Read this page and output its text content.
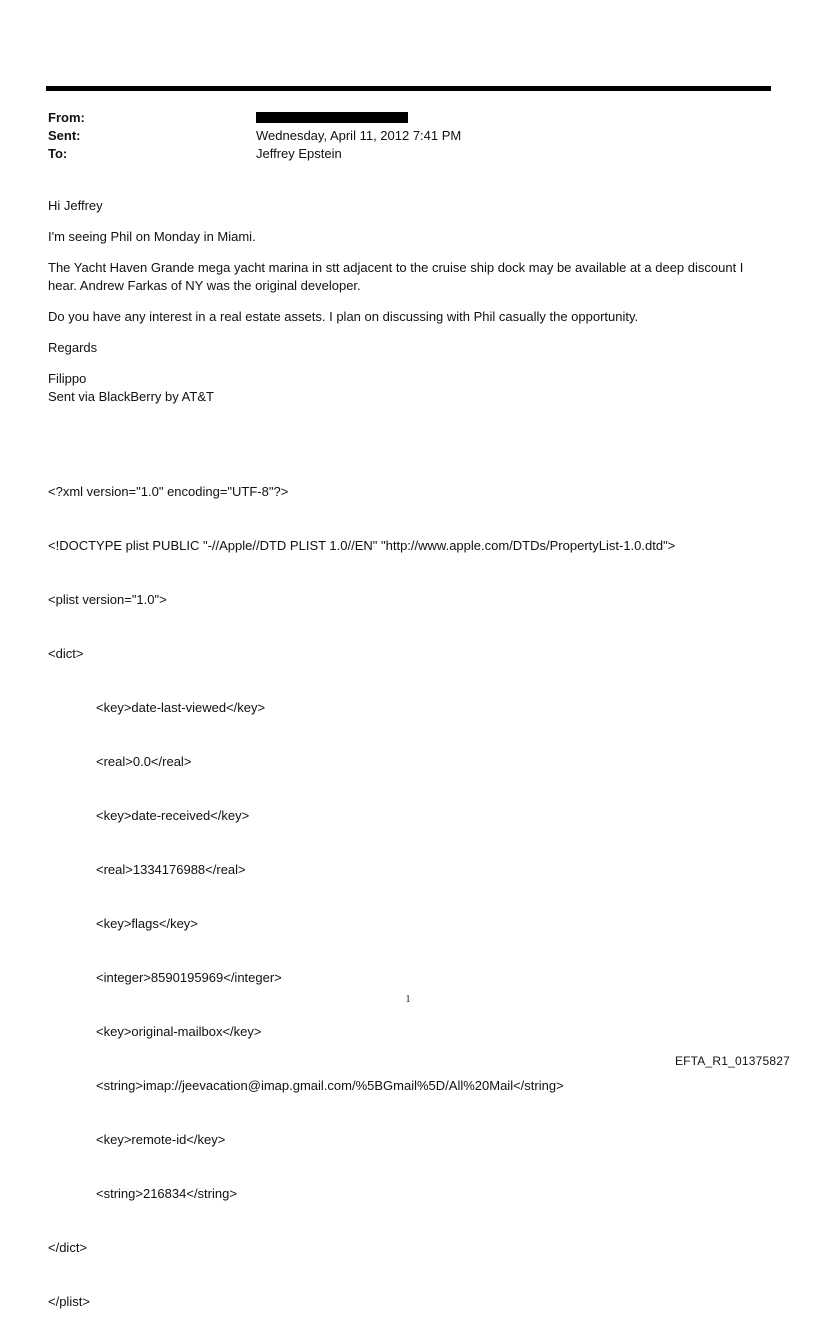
From:
Sent:	Wednesday, April 11, 2012 7:41 PM
To:	Jeffrey Epstein

Hi Jeffrey

I'm seeing Phil on Monday in Miami.

The Yacht Haven Grande mega yacht marina in stt adjacent to the cruise ship dock may be available at a deep discount I
hear. Andrew Farkas of NY was the original developer.

Do you have any interest in a real estate assets. I plan on discussing with Phil casually the opportunity.

Regards

Filippo

Sent via BlackBerry by AT&T

<?xml version="1.0" encoding="UTF-8"?>

<!DOCTYPE plist PUBLIC "-//Apple//DTD PLIST 1.0//EN" "http://www.apple.com/DTDs/PropertyList-1.0.dtd">

<plist version="1.0">

<dict>

<key>date-last-viewed</key>

<real>0.0</real>

<key>date-received</key>

<real>1334176988</real>

<key>flags</key>

<integer>8590195969</integer>

<key>original-mailbox</key>

<string>imap://jeevacation@imap.gmail.com/%5BGmail%5D/All%20Mail</string>

<key>remote-id</key>

<string>216834</string>

</dict>

</plist>

1
EFTA_R1_01375827
